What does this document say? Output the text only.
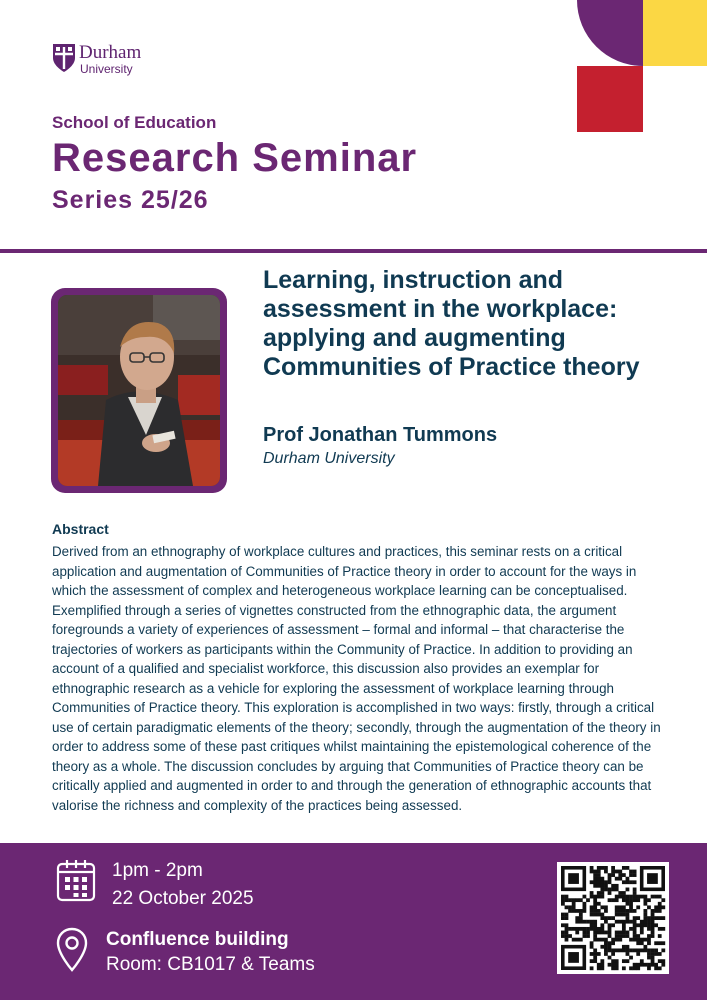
Durham
University
School of Education
Research Seminar
Series 25/26
Learning, instruction and assessment in the workplace: applying and augmenting Communities of Practice theory
Prof Jonathan Tummons
Durham University
Abstract

Derived from an ethnography of workplace cultures and practices, this seminar rests on a critical application and augmentation of Communities of Practice theory in order to account for the ways in which the assessment of complex and heterogeneous workplace learning can be conceptualised. Exemplified through a series of vignettes constructed from the ethnographic data, the argument foregrounds a variety of experiences of assessment – formal and informal – that characterise the trajectories of workers as participants within the Community of Practice. In addition to providing an account of a qualified and specialist workforce, this discussion also provides an exemplar for ethnographic research as a vehicle for exploring the assessment of workplace learning through Communities of Practice theory. This exploration is accomplished in two ways: firstly, through a critical use of certain paradigmatic elements of the theory; secondly, through the augmentation of the theory in order to address some of these past critiques whilst maintaining the epistemological coherence of the theory as a whole. The discussion concludes by arguing that Communities of Practice theory can be critically applied and augmented in order to and through the generation of ethnographic accounts that valorise the richness and complexity of the practices being assessed.

1pm - 2pm
22 October 2025
Confluence building
Room: CB1017 & Teams
